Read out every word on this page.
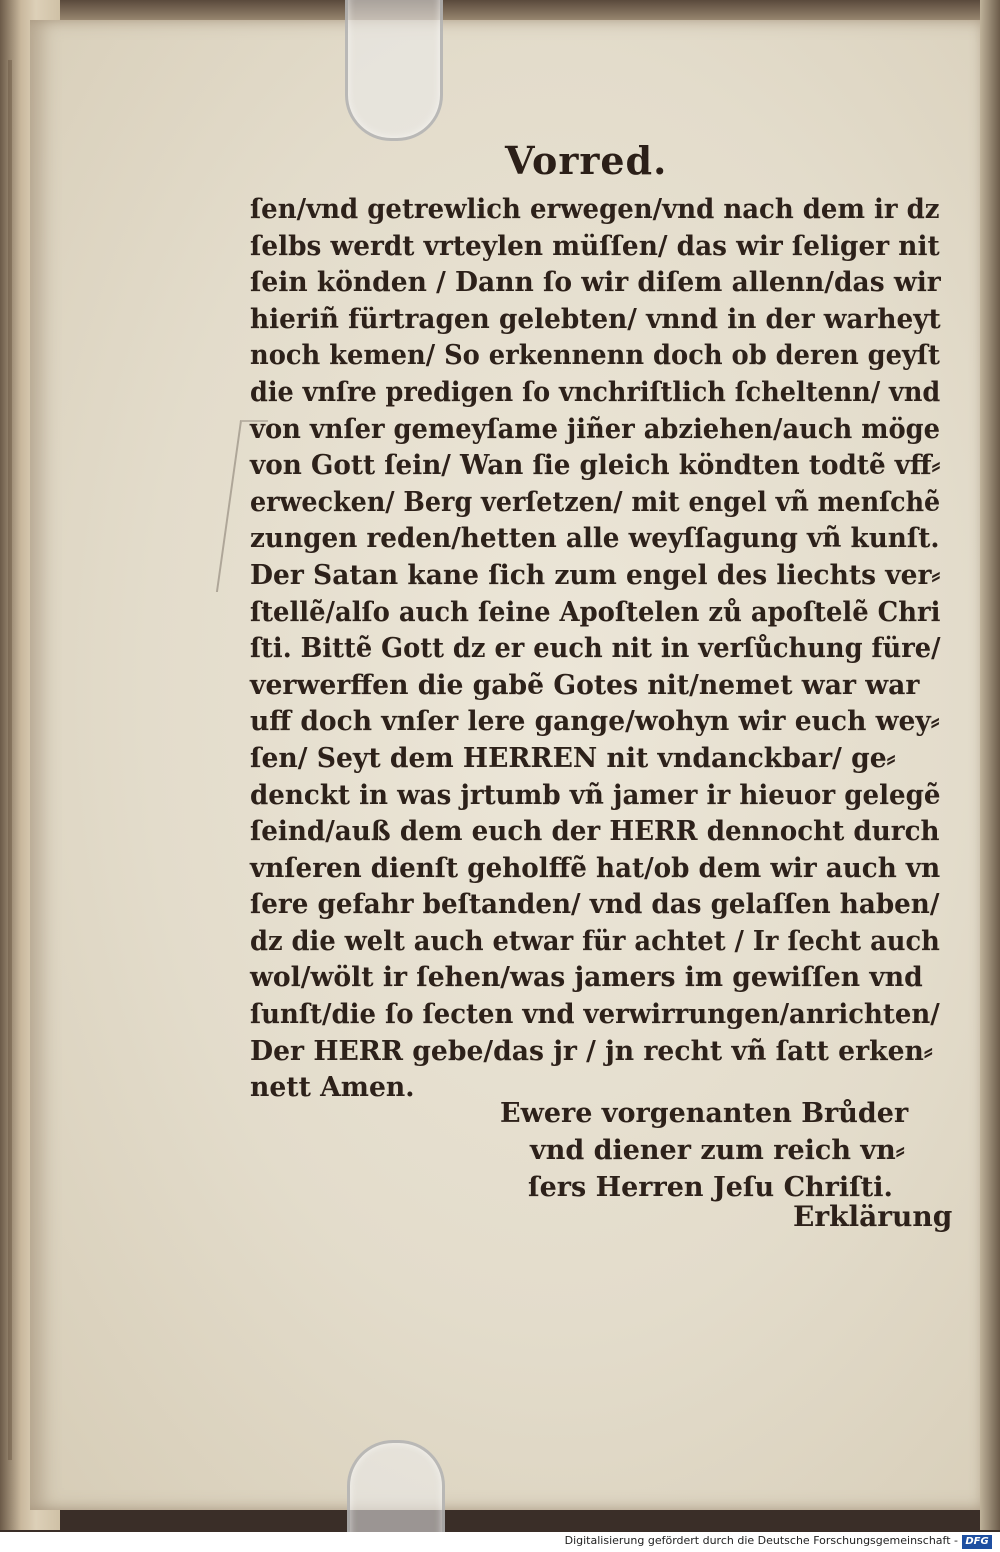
Vorred.
ſen/vnd getrewlich erwegen/vnd nach dem ir dz
ſelbs werdt vrteylen müſſen/ das wir ſeliger nit
ſein könden / Dann ſo wir diſem allenn/das wir
hieriñ fürtragen gelebten/ vnnd in der warheyt
noch kemen/ So erkennenn doch ob deren geyſt
die vnſre predigen ſo vnchriſtlich ſcheltenn/ vnd
von vnſer gemeyſame jiñer abziehen/auch möge
von Gott ſein/ Wan ſie gleich köndten todtẽ vff⸗
erwecken/ Berg verſetzen/ mit engel vñ menſchẽ
zungen reden/hetten alle weyſſagung vñ kunſt.
Der Satan kane ſich zum engel des liechts ver⸗
ſtellẽ/alſo auch ſeine Apoſtelen zů apoſtelẽ Chri
ſti. Bittẽ Gott dz er euch nit in verſůchung füre/
verwerffen die gabẽ Gotes nit/nemet war war
uff doch vnſer lere gange/wohyn wir euch wey⸗
ſen/ Seyt dem HERREN nit vndanckbar/ ge⸗
denckt in was jrtumb vñ jamer ir hieuor gelegẽ
ſeind/auß dem euch der HERR dennocht durch
vnſeren dienſt geholffẽ hat/ob dem wir auch vn
ſere gefahr beſtanden/ vnd das gelaſſen haben/
dz die welt auch etwar für achtet / Ir ſecht auch
wol/wölt ir ſehen/was jamers im gewiſſen vnd
ſunſt/die ſo ſecten vnd verwirrungen/anrichten/
Der HERR gebe/das jr / jn recht vñ ſatt erken⸗
nett Amen.
Ewere vorgenanten Brůder
vnd diener zum reich vn⸗
ſers Herren Jeſu Chriſti.
Erklärung
Digitalisierung gefördert durch die Deutsche Forschungsgemeinschaft - DFG
